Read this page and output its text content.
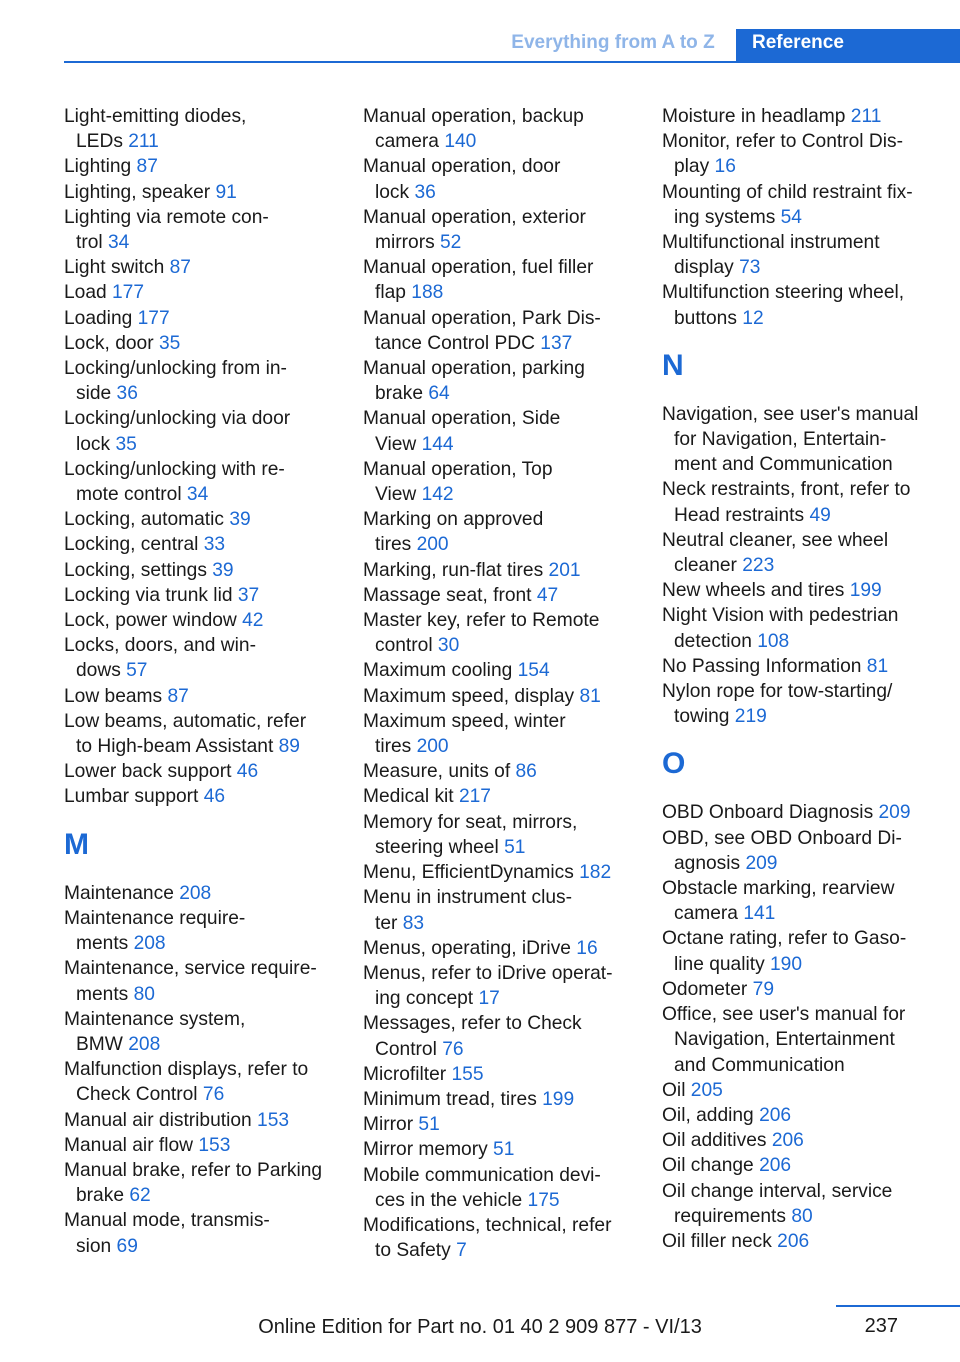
Everything from A to Z	Reference

Light-emitting diodes,
LEDs 211

Lighting 87

Lighting, speaker 91

Lighting via remote con-
trol 34

Light switch 87

Load 177

Loading 177

Lock, door 35

Locking/unlocking from in-
side 36

Locking/unlocking via door
lock 35

Locking/unlocking with re-
mote control 34

Locking, automatic 39

Locking, central 33

Locking, settings 39

Locking via trunk lid 37

Lock, power window 42

Locks, doors, and win-
dows 57

Low beams 87

Low beams, automatic, refer
to High-beam Assistant 89

Lower back support 46

Lumbar support 46

M

Maintenance 208

Maintenance require-
ments 208

Maintenance, service require-
ments 80

Maintenance system,
BMW 208

Malfunction displays, refer to
Check Control 76

Manual air distribution 153

Manual air flow 153

Manual brake, refer to Parking
brake 62

Manual mode, transmis-
sion 69

Manual operation, backup
camera 140

Manual operation, door
lock 36

Manual operation, exterior
mirrors 52

Manual operation, fuel filler
flap 188

Manual operation, Park Dis-
tance Control PDC 137

Manual operation, parking
brake 64

Manual operation, Side
View 144

Manual operation, Top
View 142

Marking on approved
tires 200

Marking, run-flat tires 201

Massage seat, front 47

Master key, refer to Remote
control 30

Maximum cooling 154

Maximum speed, display 81

Maximum speed, winter
tires 200

Measure, units of 86

Medical kit 217

Memory for seat, mirrors,
steering wheel 51

Menu, EfficientDynamics 182

Menu in instrument clus-
ter 83

Menus, operating, iDrive 16

Menus, refer to iDrive operat-
ing concept 17

Messages, refer to Check
Control 76

Microfilter 155

Minimum tread, tires 199

Mirror 51

Mirror memory 51

Mobile communication devi-
ces in the vehicle 175

Modifications, technical, refer
to Safety 7

Moisture in headlamp 211

Monitor, refer to Control Dis-
play 16

Mounting of child restraint fix-
ing systems 54

Multifunctional instrument
display 73

Multifunction steering wheel,
buttons 12

N

Navigation, see user's manual
for Navigation, Entertain-
ment and Communication

Neck restraints, front, refer to
Head restraints 49

Neutral cleaner, see wheel
cleaner 223

New wheels and tires 199

Night Vision with pedestrian
detection 108

No Passing Information 81

Nylon rope for tow-starting/
towing 219

O

OBD Onboard Diagnosis 209

OBD, see OBD Onboard Di-
agnosis 209

Obstacle marking, rearview
camera 141

Octane rating, refer to Gaso-
line quality 190

Odometer 79

Office, see user's manual for
Navigation, Entertainment
and Communication

Oil 205

Oil, adding 206

Oil additives 206

Oil change 206

Oil change interval, service
requirements 80

Oil filler neck 206

237
Online Edition for Part no. 01 40 2 909 877 - VI/13
